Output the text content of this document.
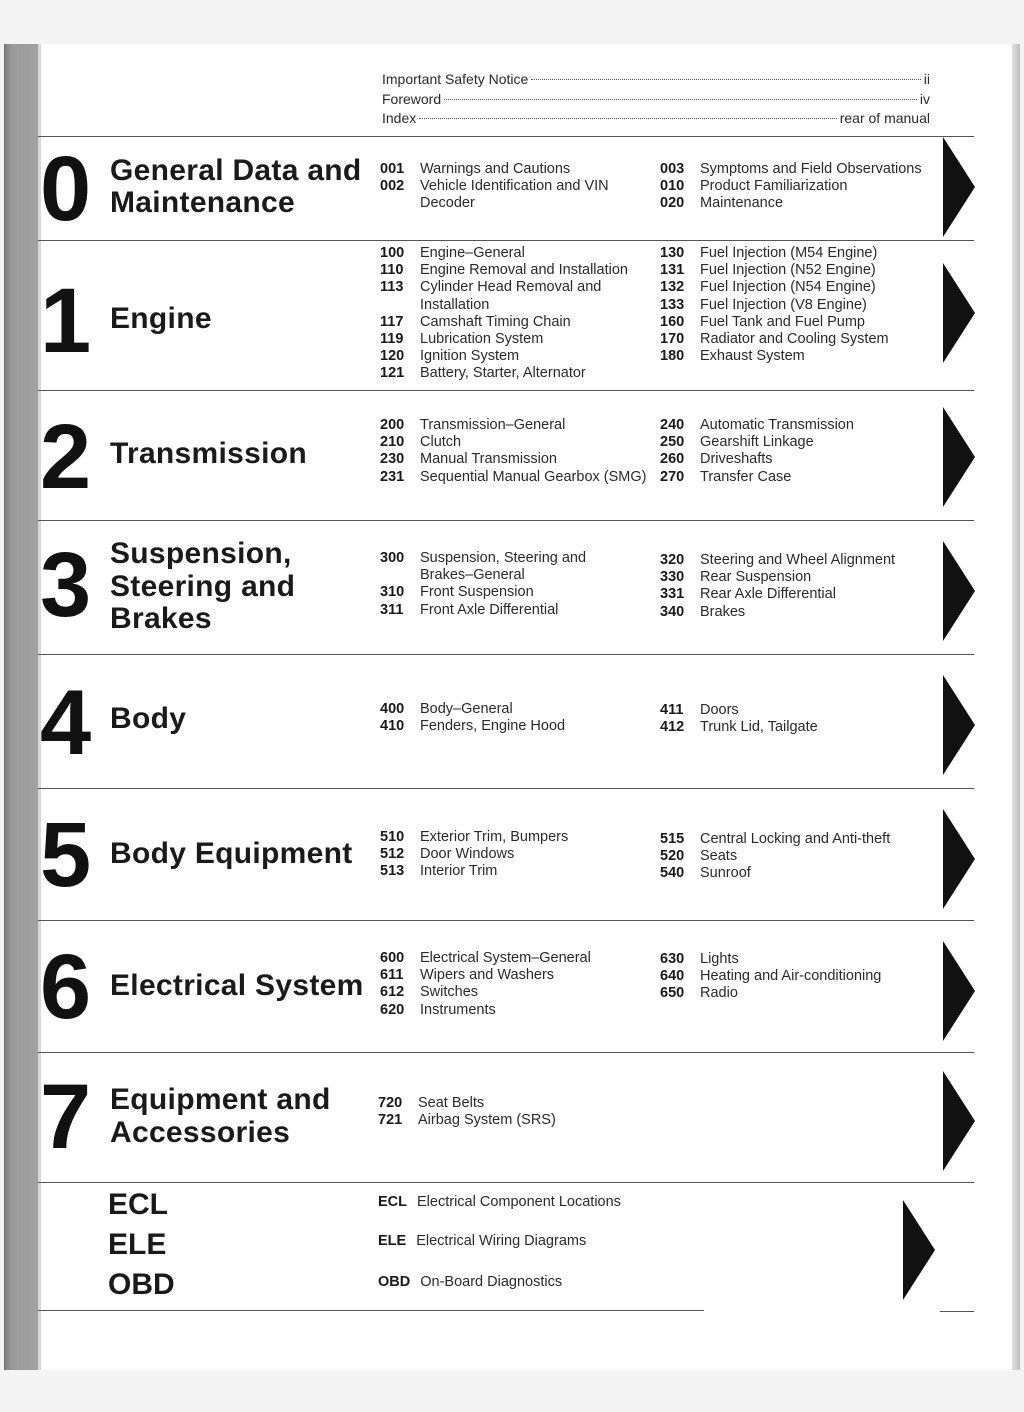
Important Safety Notice	ii
Foreword	iv
Index	rear of manual
0 General Data and
Maintenance
001	Warnings and Cautions
002	Vehicle Identification and VIN Decoder
003	Symptoms and Field Observations
010	Product Familiarization
020	Maintenance
1 Engine
100	Engine–General
110	Engine Removal and Installation
113	Cylinder Head Removal and Installation
117	Camshaft Timing Chain
119	Lubrication System
120	Ignition System
121	Battery, Starter, Alternator
130	Fuel Injection (M54 Engine)
131	Fuel Injection (N52 Engine)
132	Fuel Injection (N54 Engine)
133	Fuel Injection (V8 Engine)
160	Fuel Tank and Fuel Pump
170	Radiator and Cooling System
180	Exhaust System
2 Transmission
200	Transmission–General
210	Clutch
230	Manual Transmission
231	Sequential Manual Gearbox (SMG)
240	Automatic Transmission
250	Gearshift Linkage
260	Driveshafts
270	Transfer Case
3 Suspension,
Steering and
Brakes
300	Suspension, Steering and Brakes–General
310	Front Suspension
311	Front Axle Differential
320	Steering and Wheel Alignment
330	Rear Suspension
331	Rear Axle Differential
340	Brakes
4 Body	400	Body–General
410	Fenders, Engine Hood
411	Doors
412	Trunk Lid, Tailgate
5 Body Equipment 510	Exterior Trim, Bumpers
512	Door Windows
513	Interior Trim
515	Central Locking and Anti-theft
520	Seats
540	Sunroof
6 Electrical System
600	Electrical System–General
611	Wipers and Washers
612	Switches
620	Instruments
630	Lights
640	Heating and Air-conditioning
650	Radio
7 Equipment and
Accessories
720	Seat Belts
721	Airbag System (SRS)
ECL
ELE
OBD
ECL Electrical Component Locations
ELE Electrical Wiring Diagrams
OBD On-Board Diagnostics
